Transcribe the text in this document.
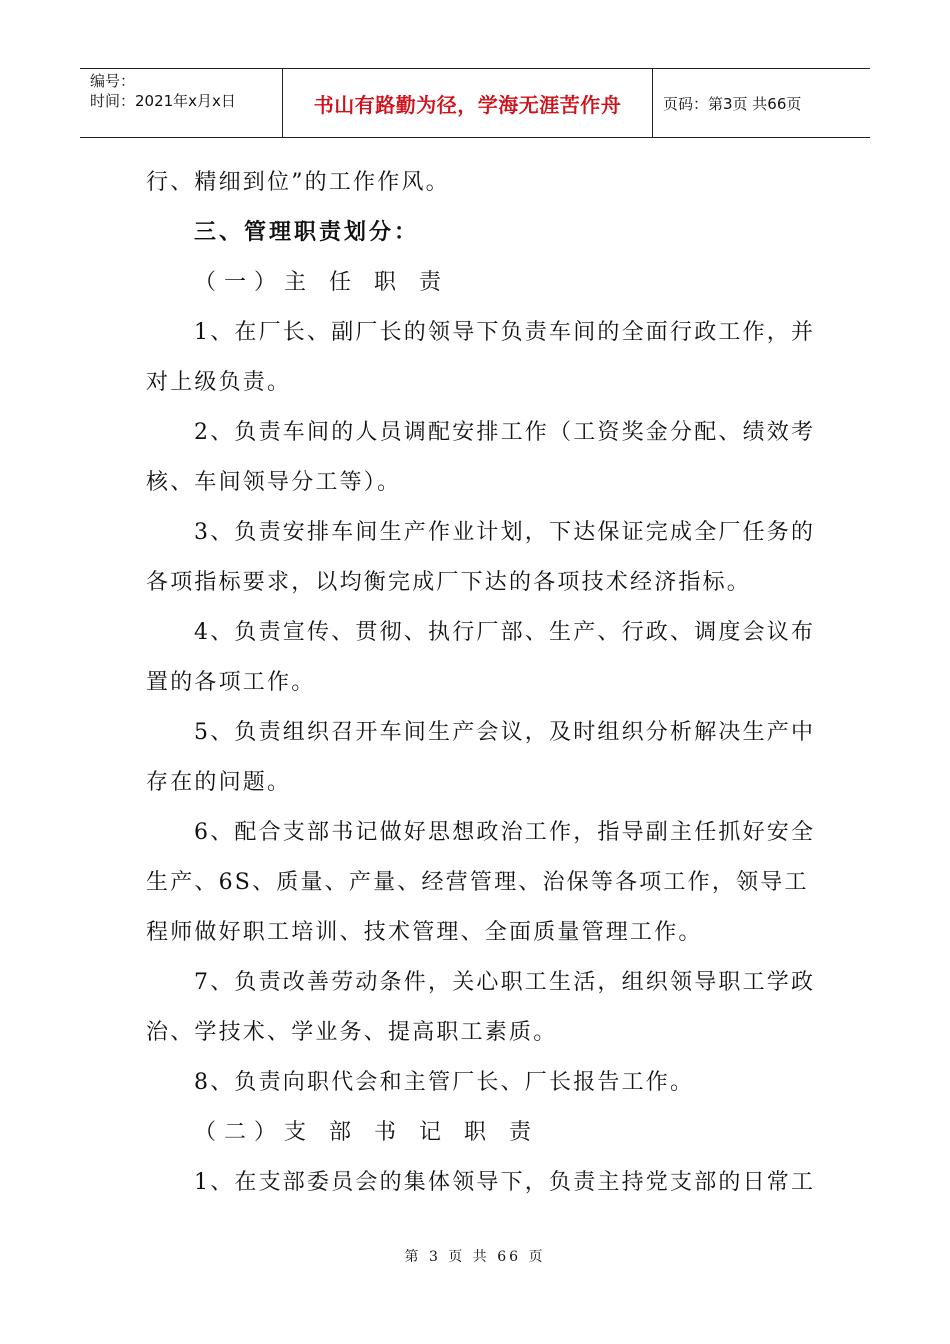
编号：
时间：2021年x月x日	书山有路勤为径，学海无涯苦作舟	页码：第3页 共66页
行、精细到位”的工作作风。
三、管理职责划分：
（一）主 任 职 责
1、在厂长、副厂长的领导下负责车间的全面行政工作，并
对上级负责。
2、负责车间的人员调配安排工作（工资奖金分配、绩效考
核、车间领导分工等）。
3、负责安排车间生产作业计划，下达保证完成全厂任务的
各项指标要求，以均衡完成厂下达的各项技术经济指标。
4、负责宣传、贯彻、执行厂部、生产、行政、调度会议布
置的各项工作。
5、负责组织召开车间生产会议，及时组织分析解决生产中
存在的问题。
6、配合支部书记做好思想政治工作，指导副主任抓好安全
生产、6S、质量、产量、经营管理、治保等各项工作，领导工
程师做好职工培训、技术管理、全面质量管理工作。
7、负责改善劳动条件，关心职工生活，组织领导职工学政
治、学技术、学业务、提高职工素质。
8、负责向职代会和主管厂长、厂长报告工作。
（二）支 部 书 记 职 责
1、在支部委员会的集体领导下，负责主持党支部的日常工
第 3 页 共 66 页
